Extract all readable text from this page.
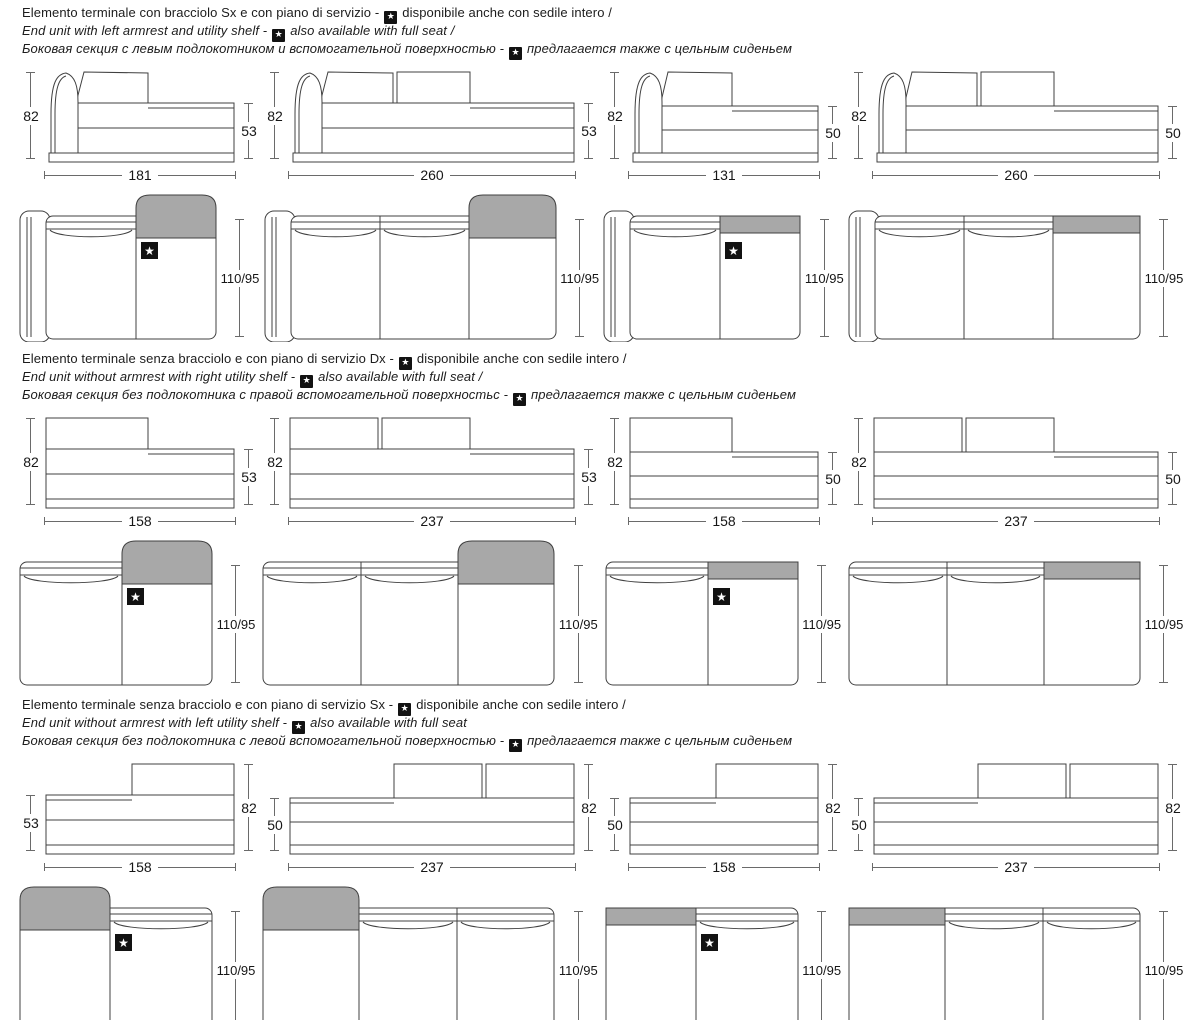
Elemento terminale con bracciolo Sx e con piano di servizio - ★ disponibile anche con sedile intero /

End unit with left armrest and utility shelf - ★ also available with full seat /

Боковая секция с левым подлокотником и вспомогательной поверхностью - ★ предлагается также с цельным сиденьем

82
53
181
82
53
260
82
50
131
82
50
260
★
110/95	110/95
★
110/95	110/95

Elemento terminale senza bracciolo e con piano di servizio Dx - ★ disponibile anche con sedile intero /

End unit without armrest with right utility shelf - ★ also available with full seat /

Боковая секция без подлокотника с правой вспомогательной поверхностьс - ★ предлагается также с цельным сиденьем

82
53
158
82
53
237
82
50
158
82
50
237
★
110/95	110/95
★
110/95	110/95

Elemento terminale senza bracciolo e con piano di servizio Sx - ★ disponibile anche con sedile intero /

End unit without armrest with left utility shelf - ★ also available with full seat

Боковая секция без подлокотника с левой вспомогательной поверхностью - ★ предлагается также с цельным сиденьем

53
82
158
50
82
237
50
82
158
50
82
237
★
110/95	110/95
★
110/95	110/95
